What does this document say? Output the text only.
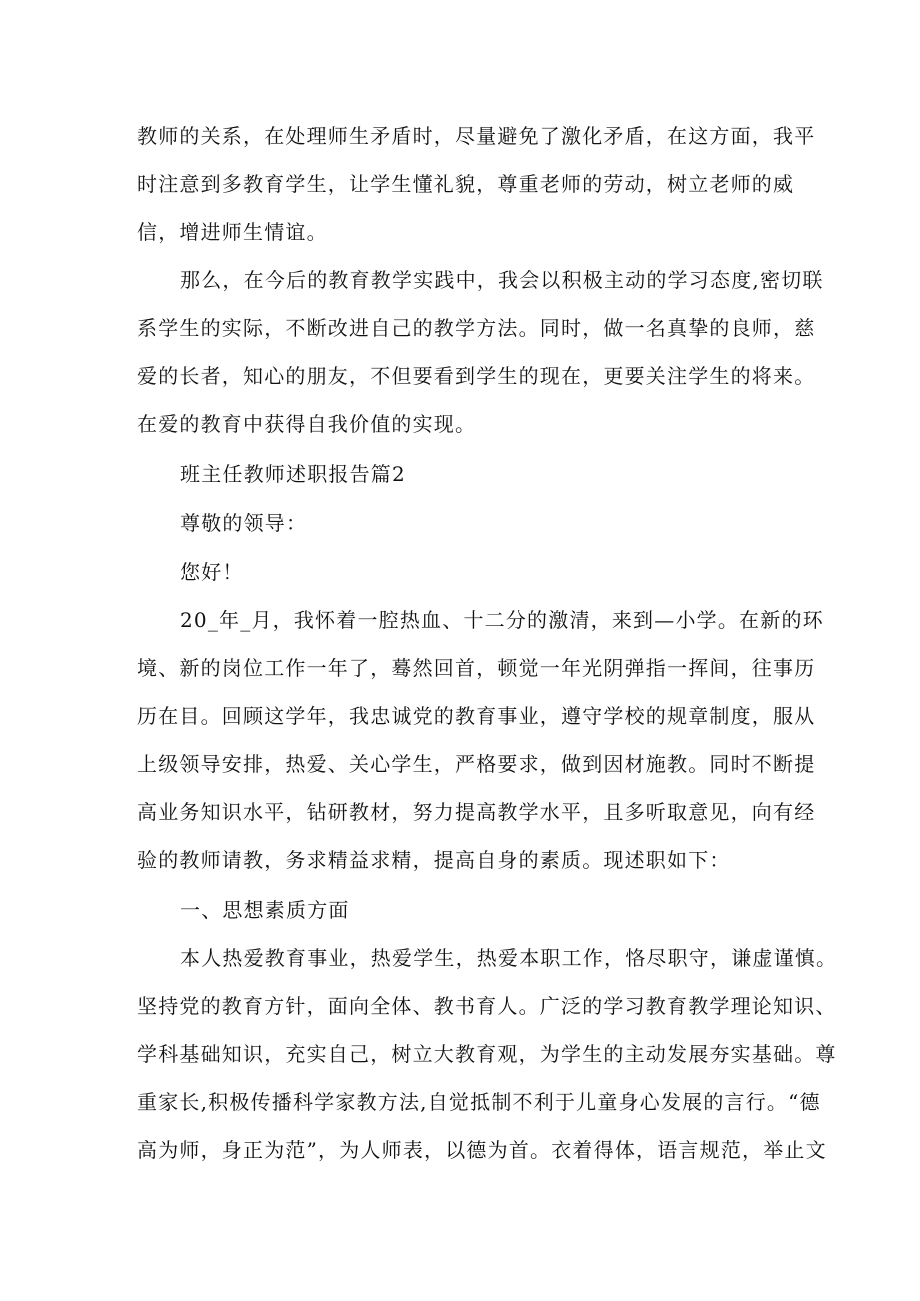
教师的关系，在处理师生矛盾时，尽量避免了激化矛盾，在这方面，我平
时注意到多教育学生，让学生懂礼貌，尊重老师的劳动，树立老师的威
信，增进师生情谊。
那么，在今后的教育教学实践中，我会以积极主动的学习态度,密切联
系学生的实际，不断改进自己的教学方法。同时，做一名真挚的良师，慈
爱的长者，知心的朋友，不但要看到学生的现在，更要关注学生的将来。
在爱的教育中获得自我价值的实现。
班主任教师述职报告篇2
尊敬的领导：
您好！
20_年_月，我怀着一腔热血、十二分的激清，来到—小学。在新的环
境、新的岗位工作一年了，蓦然回首，顿觉一年光阴弹指一挥间，往事历
历在目。回顾这学年，我忠诚党的教育事业，遵守学校的规章制度，服从
上级领导安排，热爱、关心学生，严格要求，做到因材施教。同时不断提
高业务知识水平，钻研教材，努力提高教学水平，且多听取意见，向有经
验的教师请教，务求精益求精，提高自身的素质。现述职如下：
一、思想素质方面
本人热爱教育事业，热爱学生，热爱本职工作，恪尽职守，谦虚谨慎。
坚持党的教育方针，面向全体、教书育人。广泛的学习教育教学理论知识、
学科基础知识，充实自己，树立大教育观，为学生的主动发展夯实基础。尊
重家长,积极传播科学家教方法,自觉抵制不利于儿童身心发展的言行。“德
高为师，身正为范”，为人师表，以德为首。衣着得体，语言规范，举止文
